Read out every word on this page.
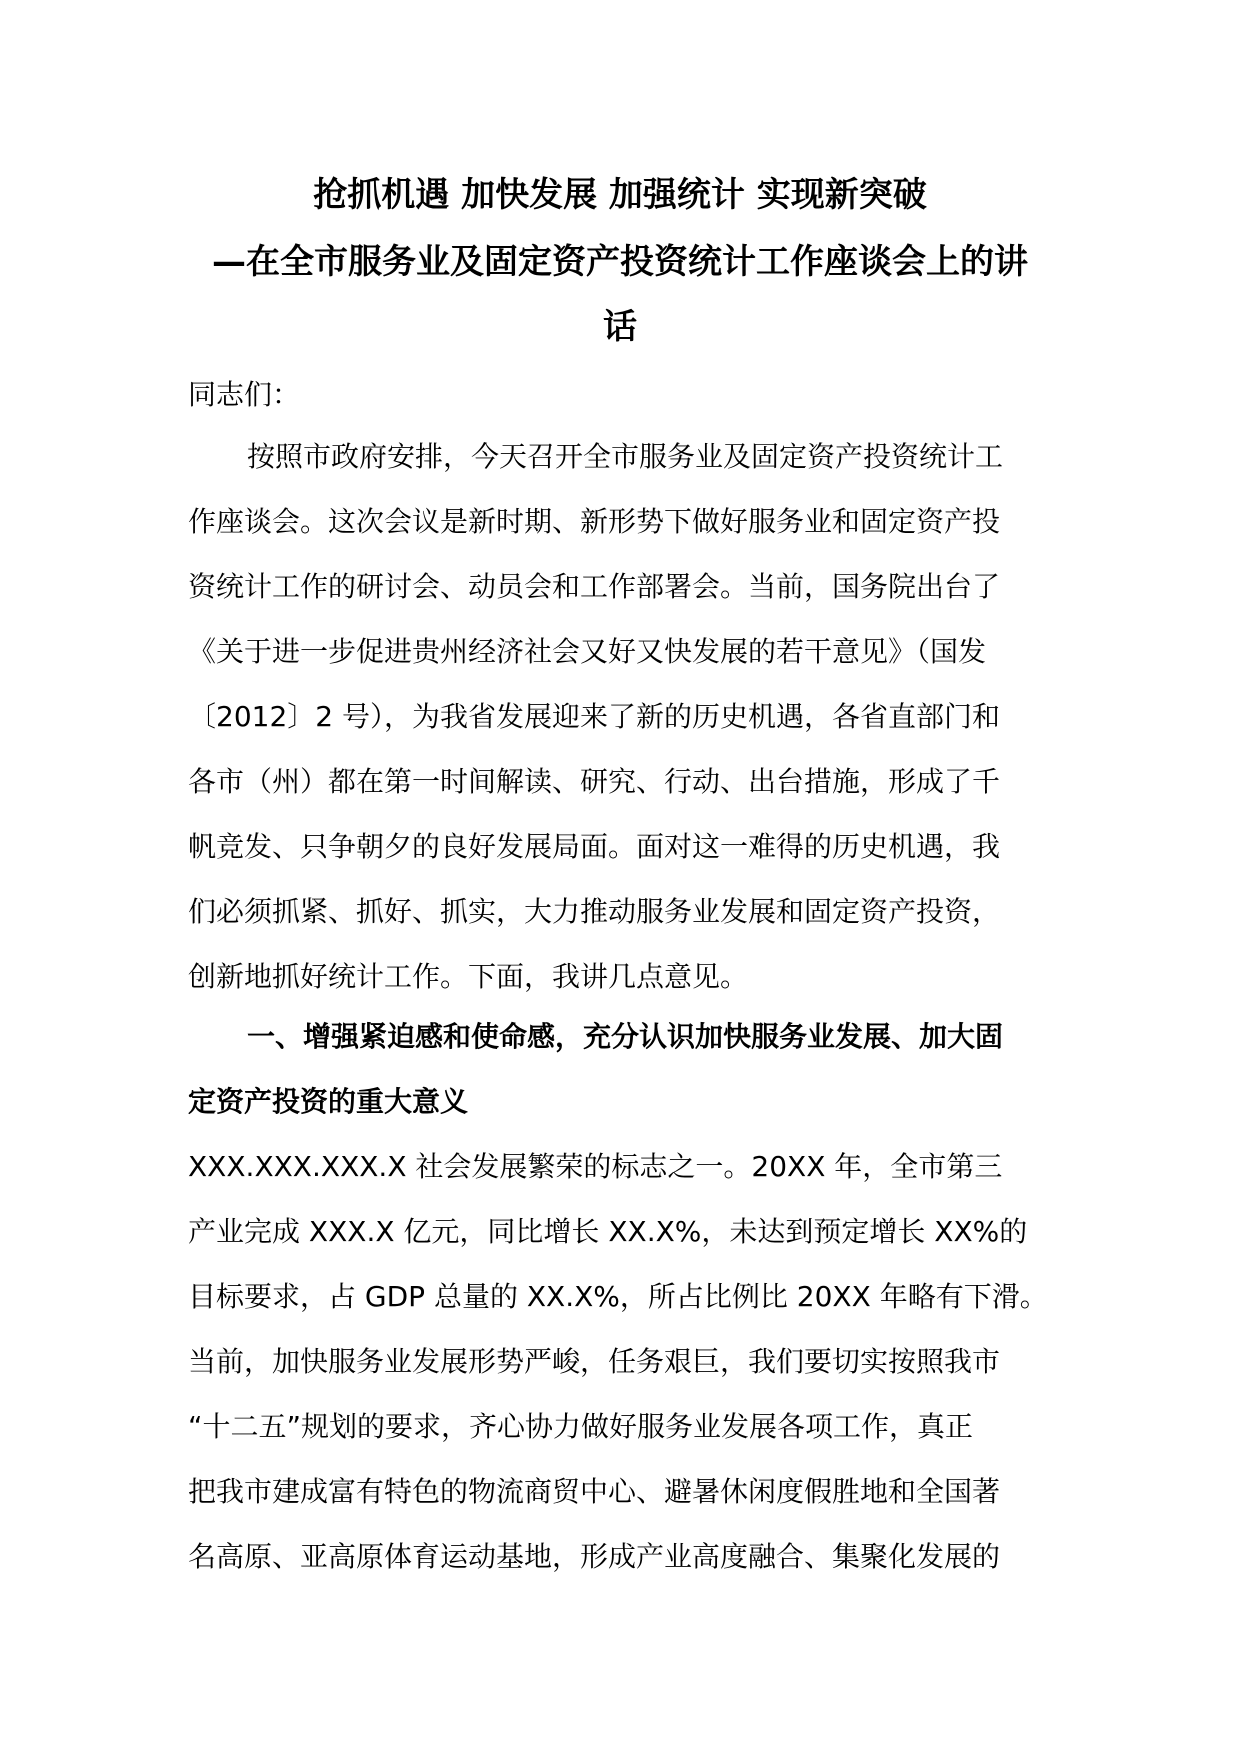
抢抓机遇 加快发展 加强统计 实现新突破
—在全市服务业及固定资产投资统计工作座谈会上的讲
话

同志们：

按照市政府安排，今天召开全市服务业及固定资产投资统计工
作座谈会。这次会议是新时期、新形势下做好服务业和固定资产投
资统计工作的研讨会、动员会和工作部署会。当前，国务院出台了
《关于进一步促进贵州经济社会又好又快发展的若干意见》（国发
〔2012〕2 号），为我省发展迎来了新的历史机遇，各省直部门和
各市（州）都在第一时间解读、研究、行动、出台措施，形成了千
帆竞发、只争朝夕的良好发展局面。面对这一难得的历史机遇，我
们必须抓紧、抓好、抓实，大力推动服务业发展和固定资产投资，
创新地抓好统计工作。下面，我讲几点意见。
一、增强紧迫感和使命感，充分认识加快服务业发展、加大固
定资产投资的重大意义
XXX.XXX.XXX.X 社会发展繁荣的标志之一。20XX 年，全市第三
产业完成 XXX.X 亿元，同比增长 XX.X%，未达到预定增长 XX%的
目标要求，占 GDP 总量的 XX.X%，所占比例比 20XX 年略有下滑。
当前，加快服务业发展形势严峻，任务艰巨，我们要切实按照我市
“十二五”规划的要求，齐心协力做好服务业发展各项工作，真正
把我市建成富有特色的物流商贸中心、避暑休闲度假胜地和全国著
名高原、亚高原体育运动基地，形成产业高度融合、集聚化发展的
